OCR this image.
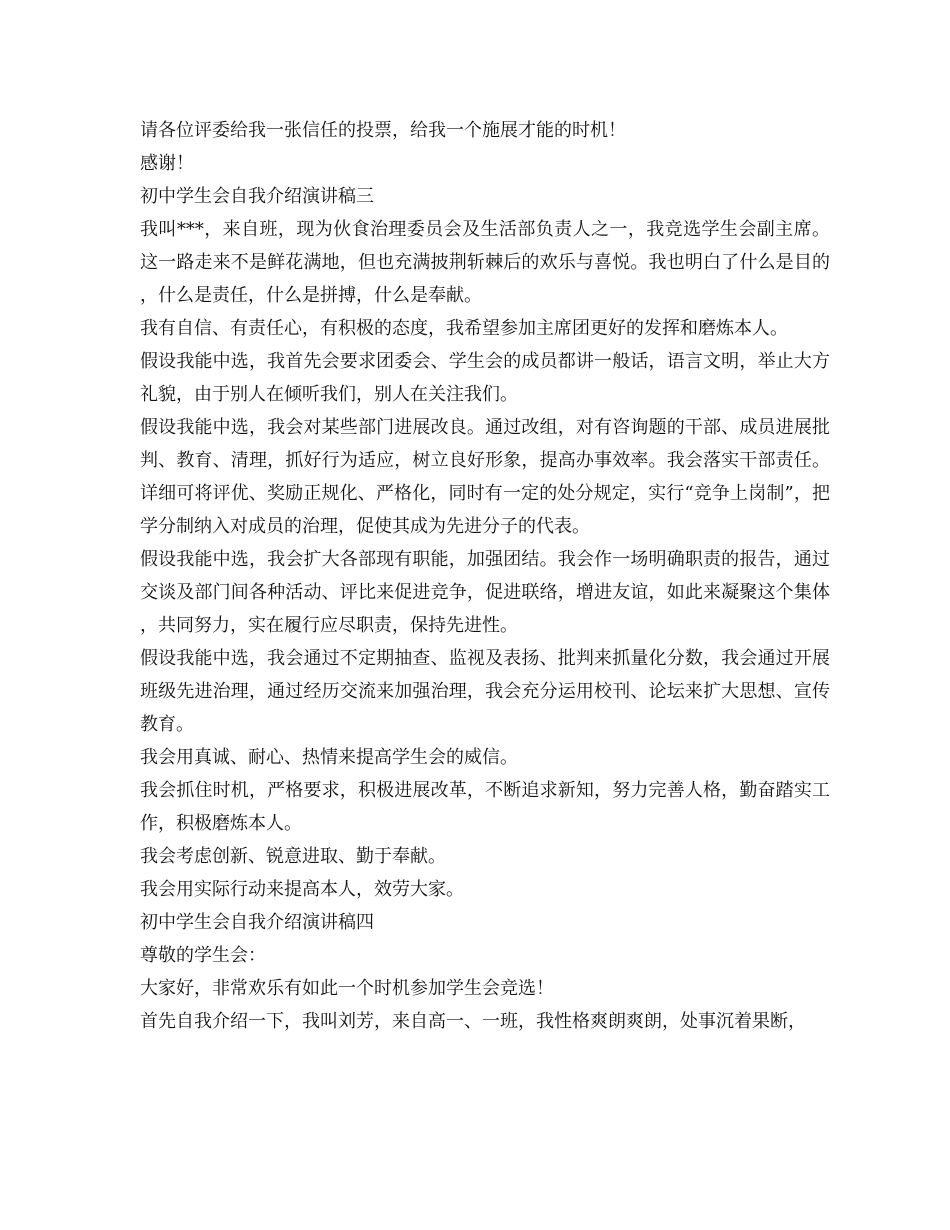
请各位评委给我一张信任的投票，给我一个施展才能的时机！

感谢！

初中学生会自我介绍演讲稿三

我叫***，来自班，现为伙食治理委员会及生活部负责人之一，我竞选学生会副主席。这一路走来不是鲜花满地，但也充满披荆斩棘后的欢乐与喜悦。我也明白了什么是目的，什么是责任，什么是拼搏，什么是奉献。

我有自信、有责任心，有积极的态度，我希望参加主席团更好的发挥和磨炼本人。

假设我能中选，我首先会要求团委会、学生会的成员都讲一般话，语言文明，举止大方礼貌，由于别人在倾听我们，别人在关注我们。

假设我能中选，我会对某些部门进展改良。通过改组，对有咨询题的干部、成员进展批判、教育、清理，抓好行为适应，树立良好形象，提高办事效率。我会落实干部责任。详细可将评优、奖励正规化、严格化，同时有一定的处分规定，实行“竞争上岗制”，把学分制纳入对成员的治理，促使其成为先进分子的代表。

假设我能中选，我会扩大各部现有职能，加强团结。我会作一场明确职责的报告，通过交谈及部门间各种活动、评比来促进竞争，促进联络，增进友谊，如此来凝聚这个集体，共同努力，实在履行应尽职责，保持先进性。

假设我能中选，我会通过不定期抽查、监视及表扬、批判来抓量化分数，我会通过开展班级先进治理，通过经历交流来加强治理，我会充分运用校刊、论坛来扩大思想、宣传教育。

我会用真诚、耐心、热情来提高学生会的威信。

我会抓住时机，严格要求，积极进展改革，不断追求新知，努力完善人格，勤奋踏实工作，积极磨炼本人。

我会考虑创新、锐意进取、勤于奉献。

我会用实际行动来提高本人，效劳大家。

初中学生会自我介绍演讲稿四

尊敬的学生会：

大家好，非常欢乐有如此一个时机参加学生会竞选！

首先自我介绍一下，我叫刘芳，来自高一、一班，我性格爽朗爽朗，处事沉着果断，
